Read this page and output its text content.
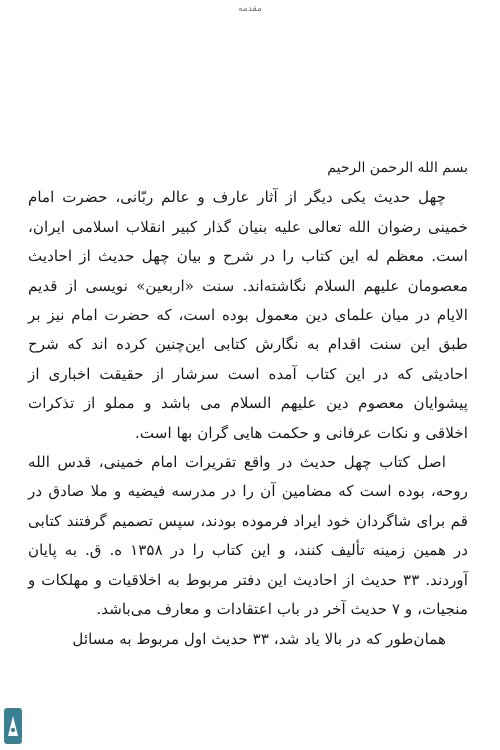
مقدمه

بسم الله الرحمن الرحیم

چهل حدیث یکی دیگر از آثار عارف و عالم ربّانی، حضرت امام خمینی رضوان الله تعالی علیه بنیان گذار کبیر انقلاب اسلامی ایران، است. معظم له این کتاب را در شرح و بیان چهل حدیث از احادیث معصومان علیهم السلام نگاشته‌اند. سنت «اربعین» نویسی از قدیم الایام در میان علمای دین معمول بوده است، که حضرت امام نیز بر طبق این سنت اقدام به نگارش کتابی این‌چنین کرده اند که شرح احادیثی که در این کتاب آمده است سرشار از حقیقت اخباری از پیشوایان معصوم دین علیهم السلام می باشد و مملو از تذکرات اخلاقی و نکات عرفانی و حکمت هایی گران بها است.

اصل کتاب چهل حدیث در واقع تقریرات امام خمینی، قدس الله روحه، بوده است که مضامین آن را در مدرسه فیضیه و ملا صادق در قم برای شاگردان خود ایراد فرموده بودند، سپس تصمیم گرفتند کتابی در همین زمینه تألیف کنند، و این کتاب را در ۱۳۵۸ ه. ق. به پایان آوردند. ۳۳ حدیث از احادیث این دفتر مربوط به اخلاقیات و مهلکات و منجیات، و ۷ حدیث آخر در باب اعتقادات و معارف می‌باشد.

همان‌طور که در بالا یاد شد، ۳۳ حدیث اول مربوط به مسائل
